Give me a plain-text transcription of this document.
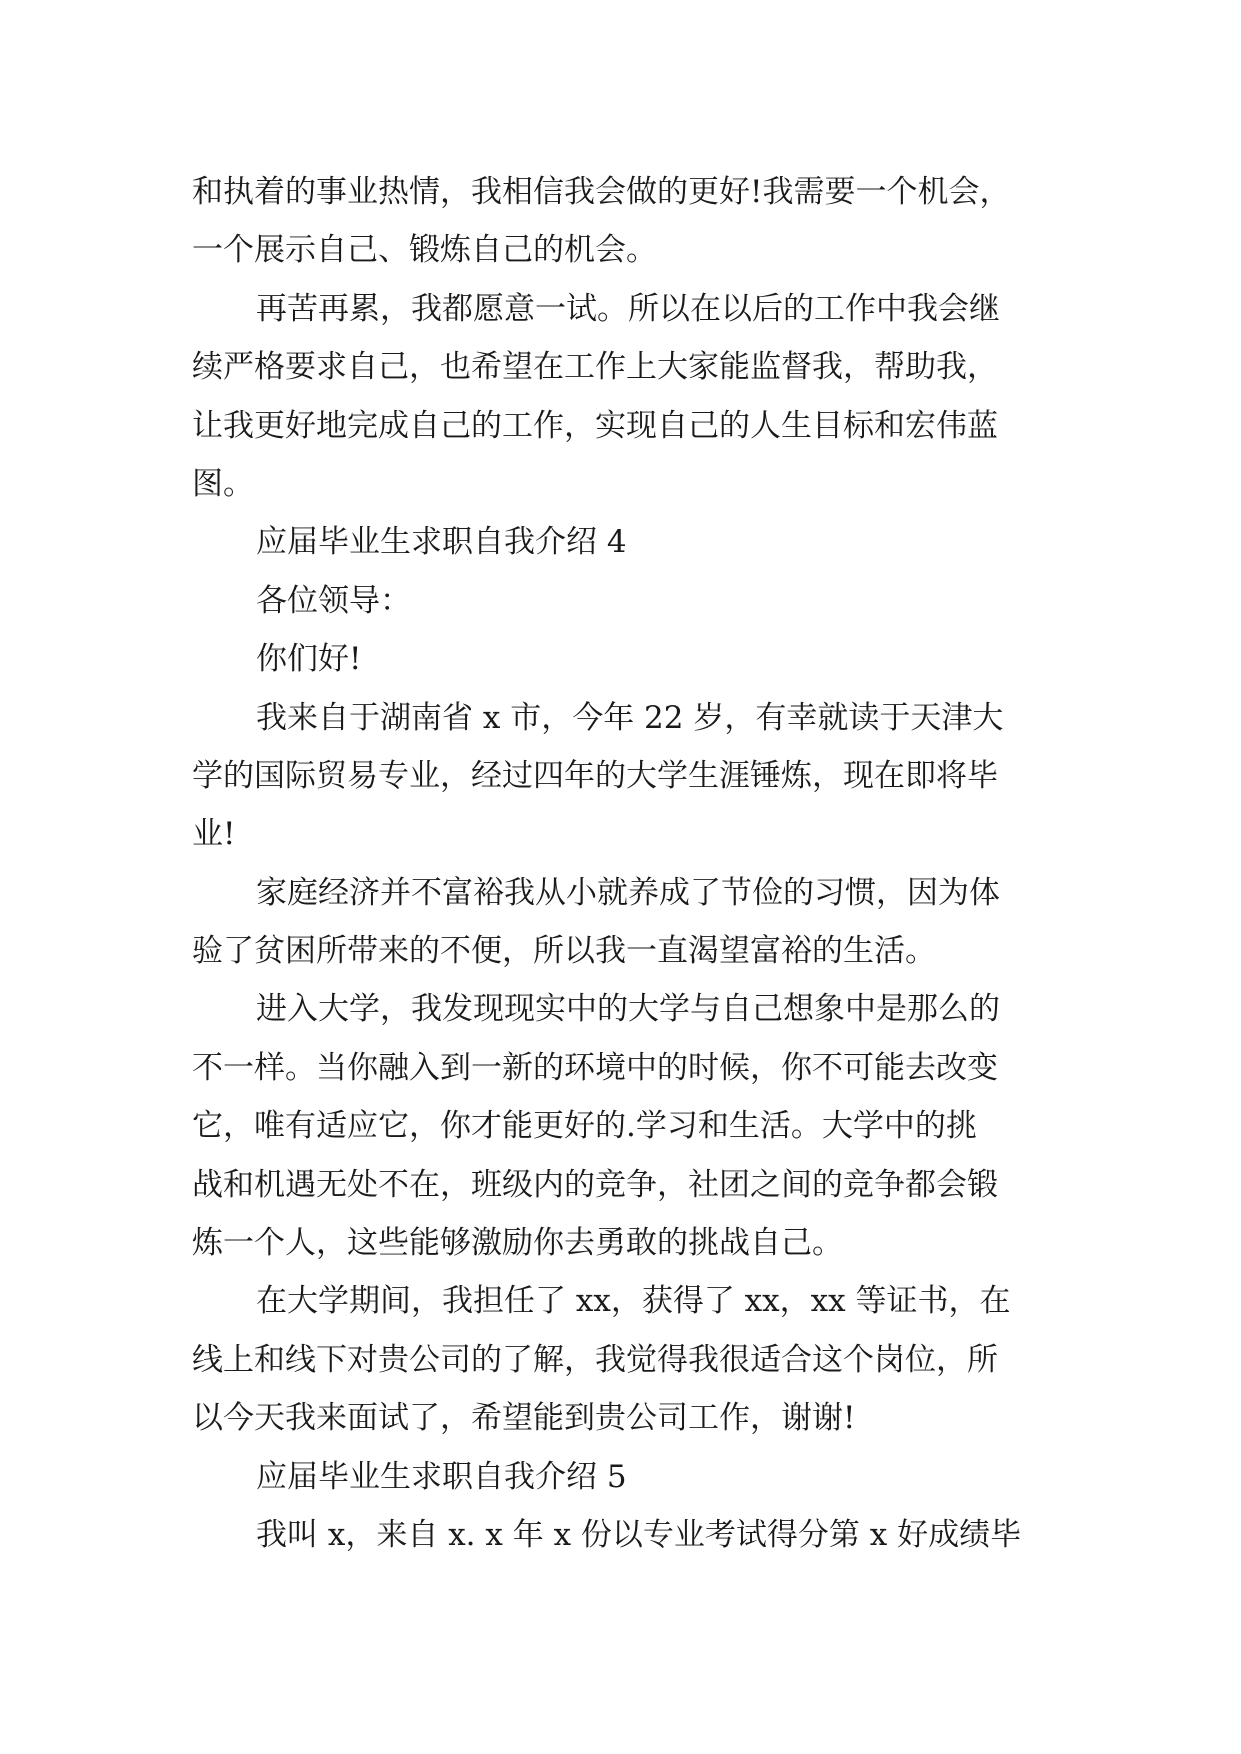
和执着的事业热情，我相信我会做的更好!我需要一个机会，
一个展示自己、锻炼自己的机会。
再苦再累，我都愿意一试。所以在以后的工作中我会继
续严格要求自己，也希望在工作上大家能监督我，帮助我，
让我更好地完成自己的工作，实现自己的人生目标和宏伟蓝
图。
应届毕业生求职自我介绍 4
各位领导：
你们好!
我来自于湖南省 x 市，今年 22 岁，有幸就读于天津大
学的国际贸易专业，经过四年的大学生涯锤炼，现在即将毕
业!
家庭经济并不富裕我从小就养成了节俭的习惯，因为体
验了贫困所带来的不便，所以我一直渴望富裕的生活。
进入大学，我发现现实中的大学与自己想象中是那么的
不一样。当你融入到一新的环境中的时候，你不可能去改变
它，唯有适应它，你才能更好的.学习和生活。大学中的挑
战和机遇无处不在，班级内的竞争，社团之间的竞争都会锻
炼一个人，这些能够激励你去勇敢的挑战自己。
在大学期间，我担任了 xx，获得了 xx，xx 等证书，在
线上和线下对贵公司的了解，我觉得我很适合这个岗位，所
以今天我来面试了，希望能到贵公司工作，谢谢!
应届毕业生求职自我介绍 5
我叫 x，来自 x. x 年 x 份以专业考试得分第 x 好成绩毕
